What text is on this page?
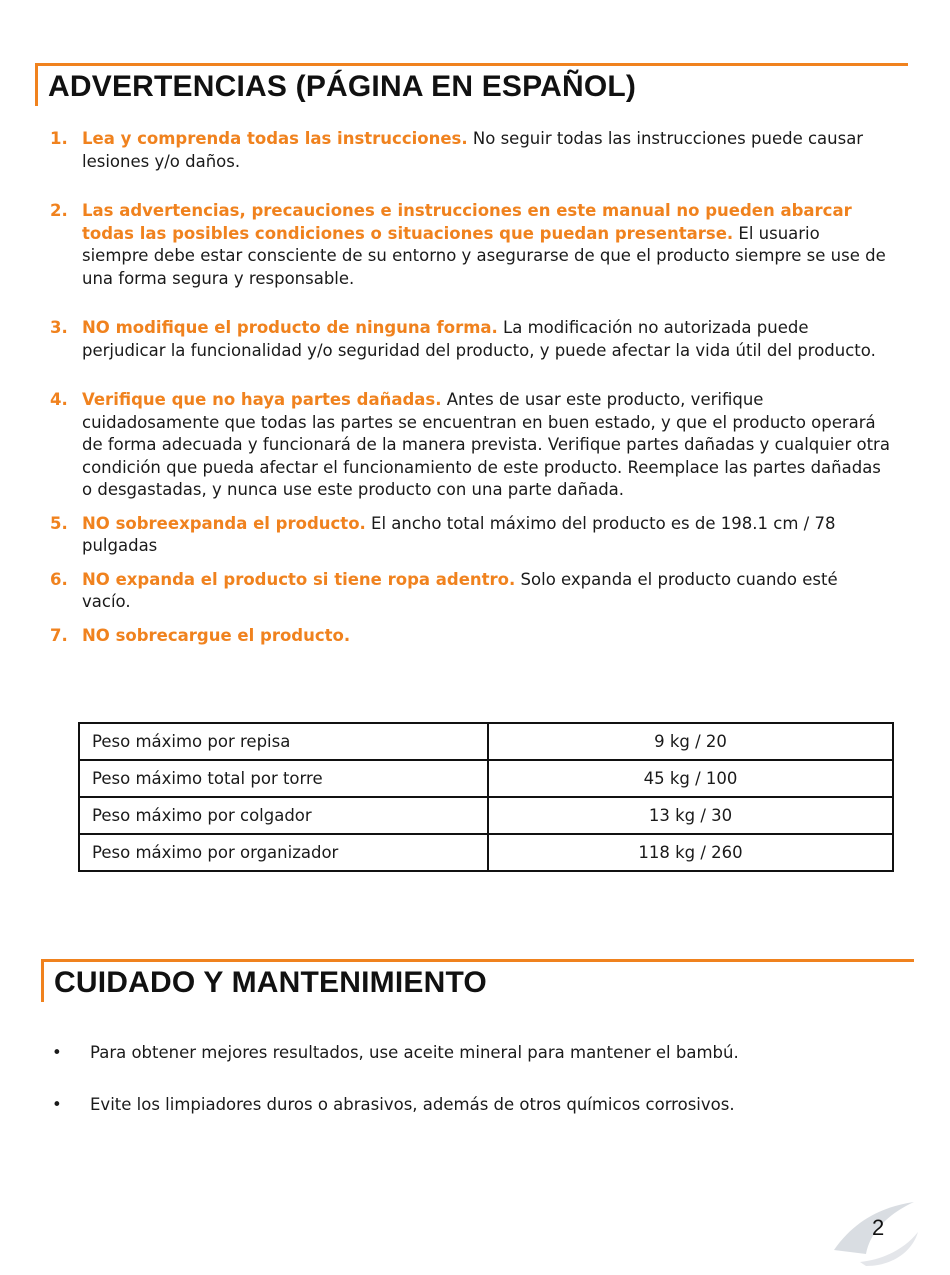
ADVERTENCIAS (PÁGINA EN ESPAÑOL)
1. Lea y comprenda todas las instrucciones. No seguir todas las instrucciones puede causar lesiones y/o daños.
2. Las advertencias, precauciones e instrucciones en este manual no pueden abarcar todas las posibles condiciones o situaciones que puedan presentarse. El usuario siempre debe estar consciente de su entorno y asegurarse de que el producto siempre se use de una forma segura y responsable.
3. NO modifique el producto de ninguna forma. La modificación no autorizada puede perjudicar la funcionalidad y/o seguridad del producto, y puede afectar la vida útil del producto.
4. Verifique que no haya partes dañadas. Antes de usar este producto, verifique cuidadosamente que todas las partes se encuentran en buen estado, y que el producto operará de forma adecuada y funcionará de la manera prevista. Verifique partes dañadas y cualquier otra condición que pueda afectar el funcionamiento de este producto. Reemplace las partes dañadas o desgastadas, y nunca use este producto con una parte dañada.
5. NO sobreexpanda el producto. El ancho total máximo del producto es de 198.1 cm / 78 pulgadas
6. NO expanda el producto si tiene ropa adentro. Solo expanda el producto cuando esté vacío.
7. NO sobrecargue el producto.
Peso máximo por repisa	9 kg / 20
Peso máximo total por torre	45 kg / 100
Peso máximo por colgador	13 kg / 30
Peso máximo por organizador	118 kg / 260
CUIDADO Y MANTENIMIENTO
• Para obtener mejores resultados, use aceite mineral para mantener el bambú.
• Evite los limpiadores duros o abrasivos, además de otros químicos corrosivos.
2
